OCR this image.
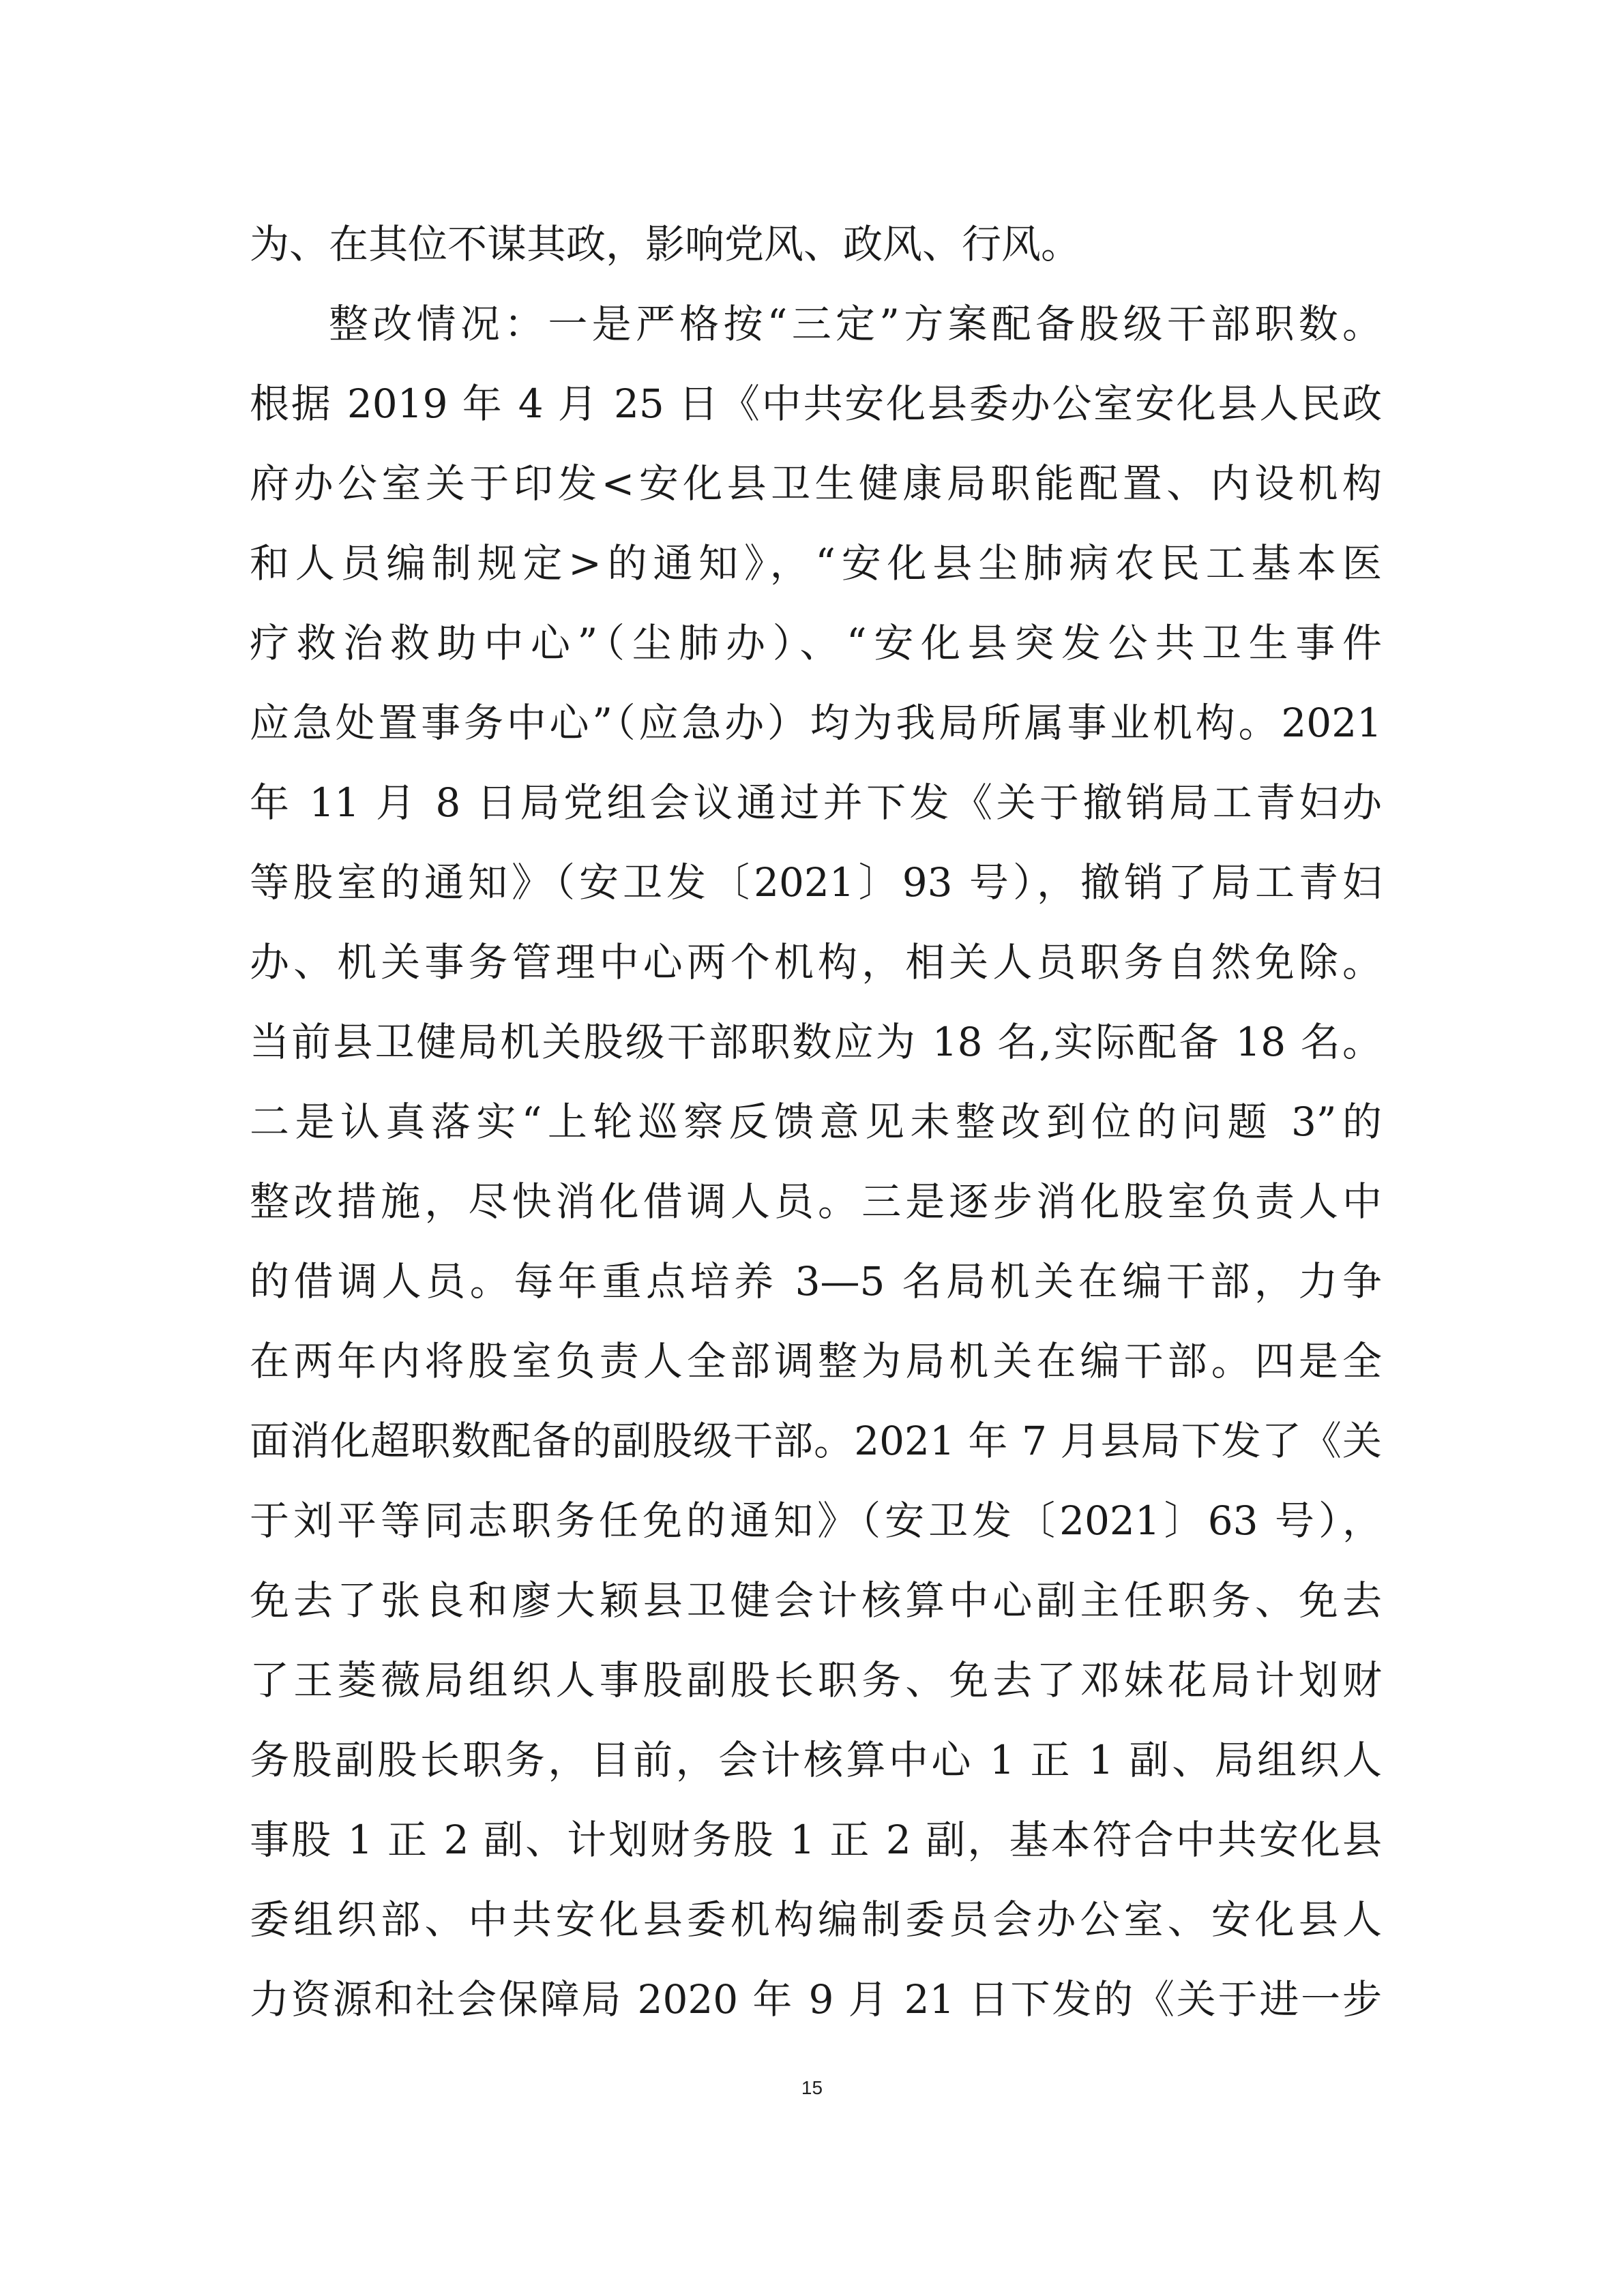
为、在其位不谋其政，影响党风、政风、行风。
整改情况：一是严格按“三定”方案配备股级干部职数。
根据 2019 年 4 月 25 日《中共安化县委办公室安化县人民政
府办公室关于印发<安化县卫生健康局职能配置、内设机构
和人员编制规定>的通知》，“安化县尘肺病农民工基本医
疗救治救助中心”（尘肺办）、“安化县突发公共卫生事件
应急处置事务中心”（应急办）均为我局所属事业机构。2021
年 11 月 8 日局党组会议通过并下发《关于撤销局工青妇办
等股室的通知》（安卫发〔2021〕93 号），撤销了局工青妇
办、机关事务管理中心两个机构，相关人员职务自然免除。
当前县卫健局机关股级干部职数应为 18 名,实际配备 18 名。
二是认真落实“上轮巡察反馈意见未整改到位的问题 3”的
整改措施，尽快消化借调人员。三是逐步消化股室负责人中
的借调人员。每年重点培养 3—5 名局机关在编干部，力争
在两年内将股室负责人全部调整为局机关在编干部。四是全
面消化超职数配备的副股级干部。2021 年 7 月县局下发了《关
于刘平等同志职务任免的通知》（安卫发〔2021〕63 号），
免去了张良和廖大颖县卫健会计核算中心副主任职务、免去
了王菱薇局组织人事股副股长职务、免去了邓妹花局计划财
务股副股长职务，目前，会计核算中心 1 正 1 副、局组织人
事股 1 正 2 副、计划财务股 1 正 2 副，基本符合中共安化县
委组织部、中共安化县委机构编制委员会办公室、安化县人
力资源和社会保障局 2020 年 9 月 21 日下发的《关于进一步
15
